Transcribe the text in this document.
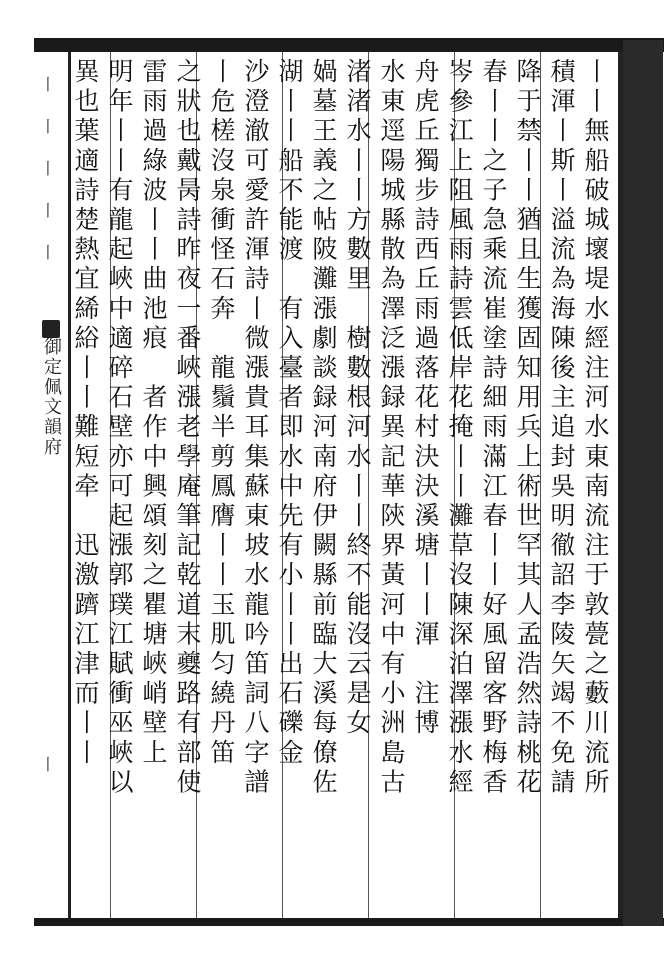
丨
丨
丨
丨
丨
丨
御定佩文韻府	丨丨無船破城壞堤水經注河水東南流注于敦甍之藪川流所
積渾丨斯丨溢流為海陳後主追封吳明徹詔李陵矢竭不免請
降于禁丨丨猶且生獲固知用兵上術世罕其人孟浩然詩桃花
春丨丨之子急乘流崔塗詩細雨滿江春丨丨好風留客野梅香
岑參江上阻風雨詩雲低岸花掩丨丨灘草沒陳深泊澤漲水經
舟虎丘獨步詩西丘雨過落花村決決溪塘丨丨渾　注博
水東逕陽城縣散為澤泛漲録異記華陝界黃河中有小洲島古
渚渚水丨丨方數里　樹數根河水丨丨終不能沒云是女
媧墓王義之帖陂灘漲劇談録河南府伊闕縣前臨大溪每僚佐
湖丨丨船不能渡　有入臺者即水中先有小丨丨出石礫金
沙澄澈可愛許渾詩丨微漲貴耳集蘇東坡水龍吟笛詞八字譜
丨危槎沒泉衝怪石奔　龍鬚半剪鳳膺丨丨玉肌匀繞丹笛
之狀也戴昺詩昨夜一番峽漲老學庵筆記乾道末夔路有部使
雷雨過綠波丨丨曲池痕　者作中興頌刻之瞿塘峽峭壁上
明年丨丨有龍起峽中適碎石壁亦可起漲郭璞江賦衝巫峽以
異也葉適詩楚熱宜絺綌丨丨難短牵　迅激躋江津而丨丨
